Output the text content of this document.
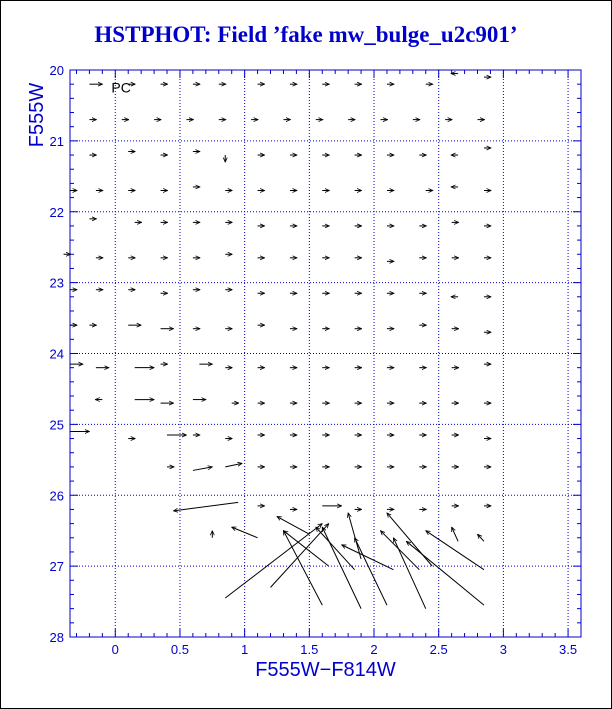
HSTPHOT: Field ’fake mw_bulge_u2c901’
0	0.5	1	1.5	2	2.5	3	3.5
20
21
22
23
24
25
26
27
28
F555W−F814W
F555W	PC
